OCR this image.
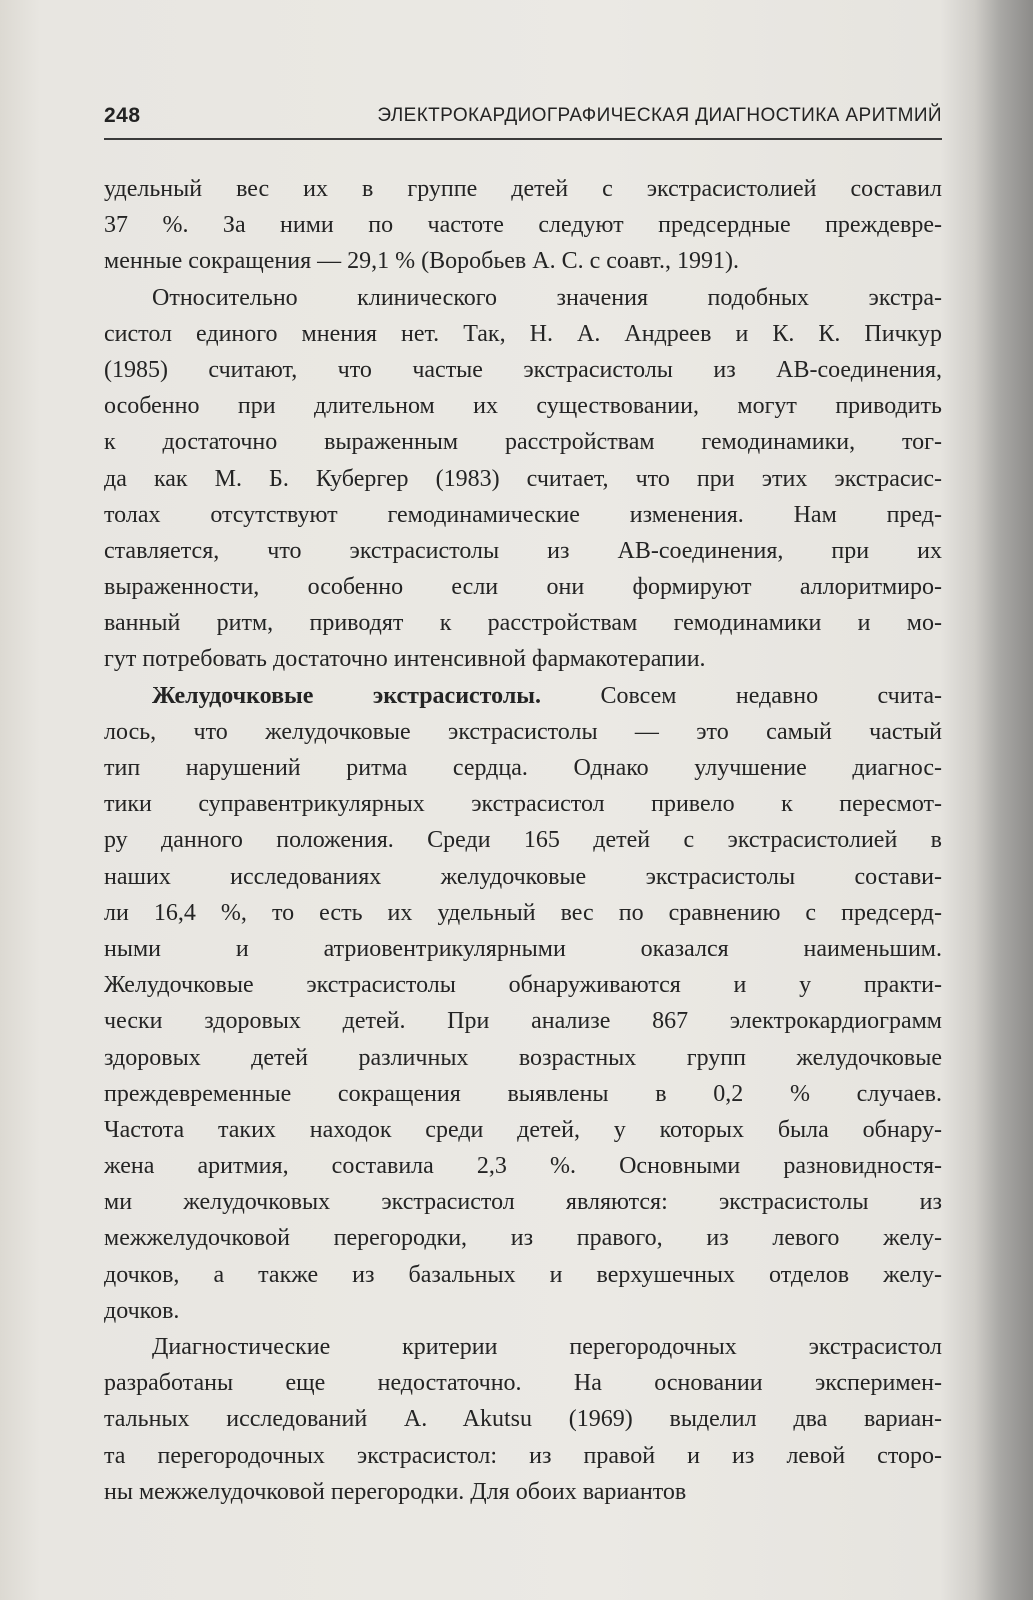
248	ЭЛЕКТРОКАРДИОГРАФИЧЕСКАЯ ДИАГНОСТИКА АРИТМИЙ
удельный вес их в группе детей с экстрасистолией составил
37 %. За ними по частоте следуют предсердные преждевре-
менные сокращения — 29,1 % (Воробьев А. С. с соавт., 1991).
Относительно клинического значения подобных экстра-
систол единого мнения нет. Так, Н. А. Андреев и К. К. Пичкур
(1985) считают, что частые экстрасистолы из АВ-соединения,
особенно при длительном их существовании, могут приводить
к достаточно выраженным расстройствам гемодинамики, тог-
да как М. Б. Кубергер (1983) считает, что при этих экстрасис-
толах отсутствуют гемодинамические изменения. Нам пред-
ставляется, что экстрасистолы из АВ-соединения, при их
выраженности, особенно если они формируют аллоритмиро-
ванный ритм, приводят к расстройствам гемодинамики и мо-
гут потребовать достаточно интенсивной фармакотерапии.
Желудочковые экстрасистолы. Совсем недавно счита-
лось, что желудочковые экстрасистолы — это самый частый
тип нарушений ритма сердца. Однако улучшение диагнос-
тики суправентрикулярных экстрасистол привело к пересмот-
ру данного положения. Среди 165 детей с экстрасистолией в
наших исследованиях желудочковые экстрасистолы состави-
ли 16,4 %, то есть их удельный вес по сравнению с предсерд-
ными и атриовентрикулярными оказался наименьшим.
Желудочковые экстрасистолы обнаруживаются и у практи-
чески здоровых детей. При анализе 867 электрокардиограмм
здоровых детей различных возрастных групп желудочковые
преждевременные сокращения выявлены в 0,2 % случаев.
Частота таких находок среди детей, у которых была обнару-
жена аритмия, составила 2,3 %. Основными разновидностя-
ми желудочковых экстрасистол являются: экстрасистолы из
межжелудочковой перегородки, из правого, из левого желу-
дочков, а также из базальных и верхушечных отделов желу-
дочков.
Диагностические критерии перегородочных экстрасистол
разработаны еще недостаточно. На основании эксперимен-
тальных исследований A. Akutsu (1969) выделил два вариан-
та перегородочных экстрасистол: из правой и из левой сторо-
ны межжелудочковой перегородки. Для обоих вариантов
